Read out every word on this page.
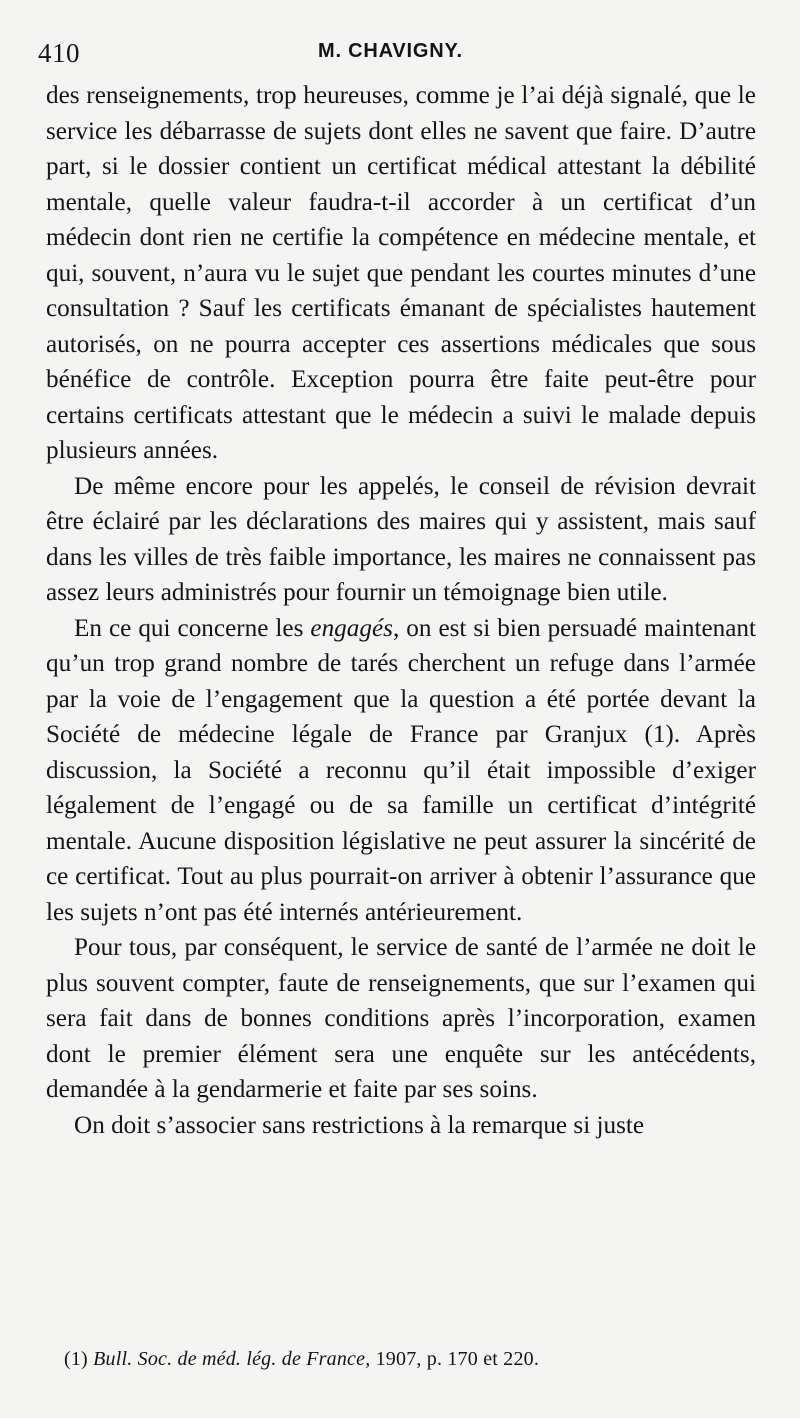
410	M. CHAVIGNY.

des renseignements, trop heureuses, comme je l’ai déjà signalé, que le service les débarrasse de sujets dont elles ne savent que faire. D’autre part, si le dossier contient un certificat médical attestant la débilité mentale, quelle valeur faudra-t-il accorder à un certificat d’un médecin dont rien ne certifie la compétence en médecine mentale, et qui, souvent, n’aura vu le sujet que pendant les courtes minutes d’une consultation ? Sauf les certificats émanant de spécialistes hautement autorisés, on ne pourra accepter ces assertions médicales que sous bénéfice de contrôle. Exception pourra être faite peut-être pour certains certificats attestant que le médecin a suivi le malade depuis plusieurs années.

De même encore pour les appelés, le conseil de révision devrait être éclairé par les déclarations des maires qui y assistent, mais sauf dans les villes de très faible importance, les maires ne connaissent pas assez leurs administrés pour fournir un témoignage bien utile.

En ce qui concerne les engagés, on est si bien persuadé maintenant qu’un trop grand nombre de tarés cherchent un refuge dans l’armée par la voie de l’engagement que la question a été portée devant la Société de médecine légale de France par Granjux (1). Après discussion, la Société a reconnu qu’il était impossible d’exiger légalement de l’engagé ou de sa famille un certificat d’intégrité mentale. Aucune disposition législative ne peut assurer la sincérité de ce certificat. Tout au plus pourrait-on arriver à obtenir l’assurance que les sujets n’ont pas été internés antérieurement.

Pour tous, par conséquent, le service de santé de l’armée ne doit le plus souvent compter, faute de renseignements, que sur l’examen qui sera fait dans de bonnes conditions après l’incorporation, examen dont le premier élément sera une enquête sur les antécédents, demandée à la gendarmerie et faite par ses soins.

On doit s’associer sans restrictions à la remarque si juste

(1) Bull. Soc. de méd. lég. de France, 1907, p. 170 et 220.
